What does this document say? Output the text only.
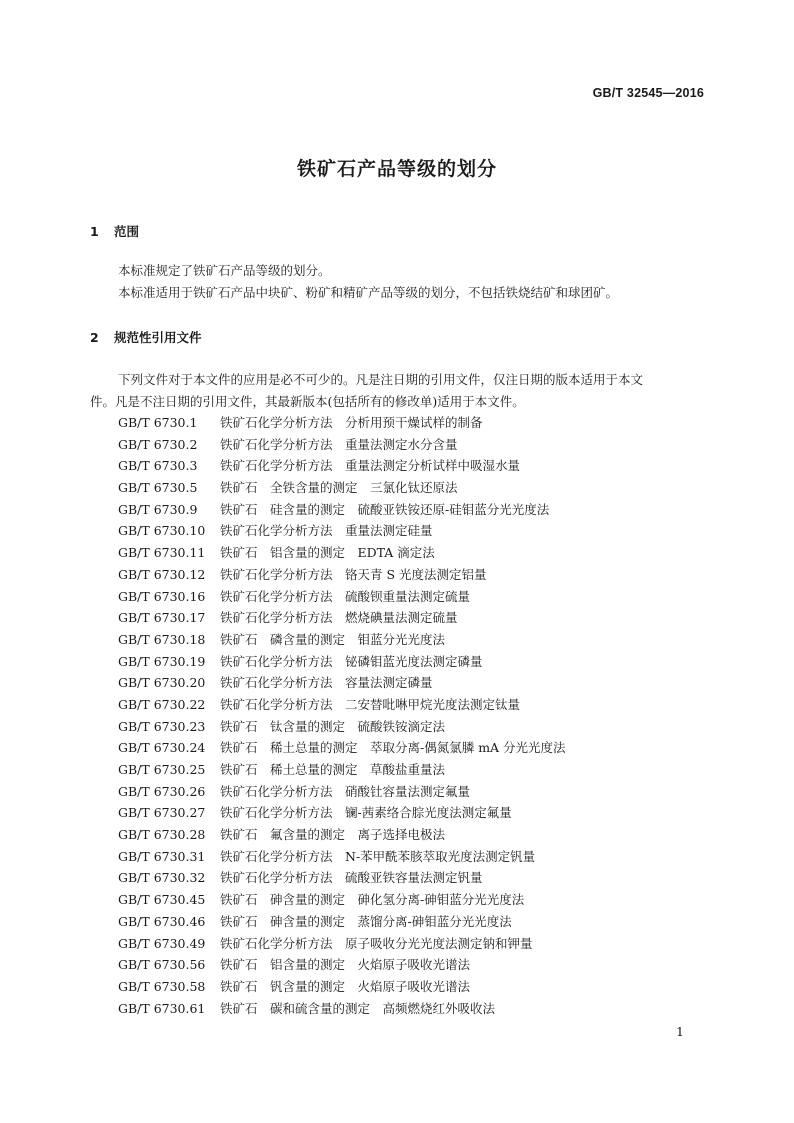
GB/T 32545—2016
铁矿石产品等级的划分
1 范围
本标准规定了铁矿石产品等级的划分。
本标准适用于铁矿石产品中块矿、粉矿和精矿产品等级的划分，不包括铁烧结矿和球团矿。
2 规范性引用文件
下列文件对于本文件的应用是必不可少的。凡是注日期的引用文件，仅注日期的版本适用于本文
件。凡是不注日期的引用文件，其最新版本(包括所有的修改单)适用于本文件。
GB/T 6730.1 铁矿石化学分析方法　分析用预干燥试样的制备
GB/T 6730.2 铁矿石化学分析方法　重量法测定水分含量
GB/T 6730.3 铁矿石化学分析方法　重量法测定分析试样中吸湿水量
GB/T 6730.5 铁矿石　全铁含量的测定　三氯化钛还原法
GB/T 6730.9 铁矿石　硅含量的测定　硫酸亚铁铵还原-硅钼蓝分光光度法
GB/T 6730.10 铁矿石化学分析方法　重量法测定硅量
GB/T 6730.11 铁矿石　铝含量的测定　EDTA 滴定法
GB/T 6730.12 铁矿石化学分析方法　铬天青 S 光度法测定铝量
GB/T 6730.16 铁矿石化学分析方法　硫酸钡重量法测定硫量
GB/T 6730.17 铁矿石化学分析方法　燃烧碘量法测定硫量
GB/T 6730.18 铁矿石　磷含量的测定　钼蓝分光光度法
GB/T 6730.19 铁矿石化学分析方法　铋磷钼蓝光度法测定磷量
GB/T 6730.20 铁矿石化学分析方法　容量法测定磷量
GB/T 6730.22 铁矿石化学分析方法　二安替吡啉甲烷光度法测定钛量
GB/T 6730.23 铁矿石　钛含量的测定　硫酸铁铵滴定法
GB/T 6730.24 铁矿石　稀土总量的测定　萃取分离-偶氮氯膦 mA 分光光度法
GB/T 6730.25 铁矿石　稀土总量的测定　草酸盐重量法
GB/T 6730.26 铁矿石化学分析方法　硝酸钍容量法测定氟量
GB/T 6730.27 铁矿石化学分析方法　镧-茜素络合腙光度法测定氟量
GB/T 6730.28 铁矿石　氟含量的测定　离子选择电极法
GB/T 6730.31 铁矿石化学分析方法　N-苯甲酰苯胲萃取光度法测定钒量
GB/T 6730.32 铁矿石化学分析方法　硫酸亚铁容量法测定钒量
GB/T 6730.45 铁矿石　砷含量的测定　砷化氢分离-砷钼蓝分光光度法
GB/T 6730.46 铁矿石　砷含量的测定　蒸馏分离-砷钼蓝分光光度法
GB/T 6730.49 铁矿石化学分析方法　原子吸收分光光度法测定钠和钾量
GB/T 6730.56 铁矿石　铝含量的测定　火焰原子吸收光谱法
GB/T 6730.58 铁矿石　钒含量的测定　火焰原子吸收光谱法
GB/T 6730.61 铁矿石　碳和硫含量的测定　高频燃烧红外吸收法
1
